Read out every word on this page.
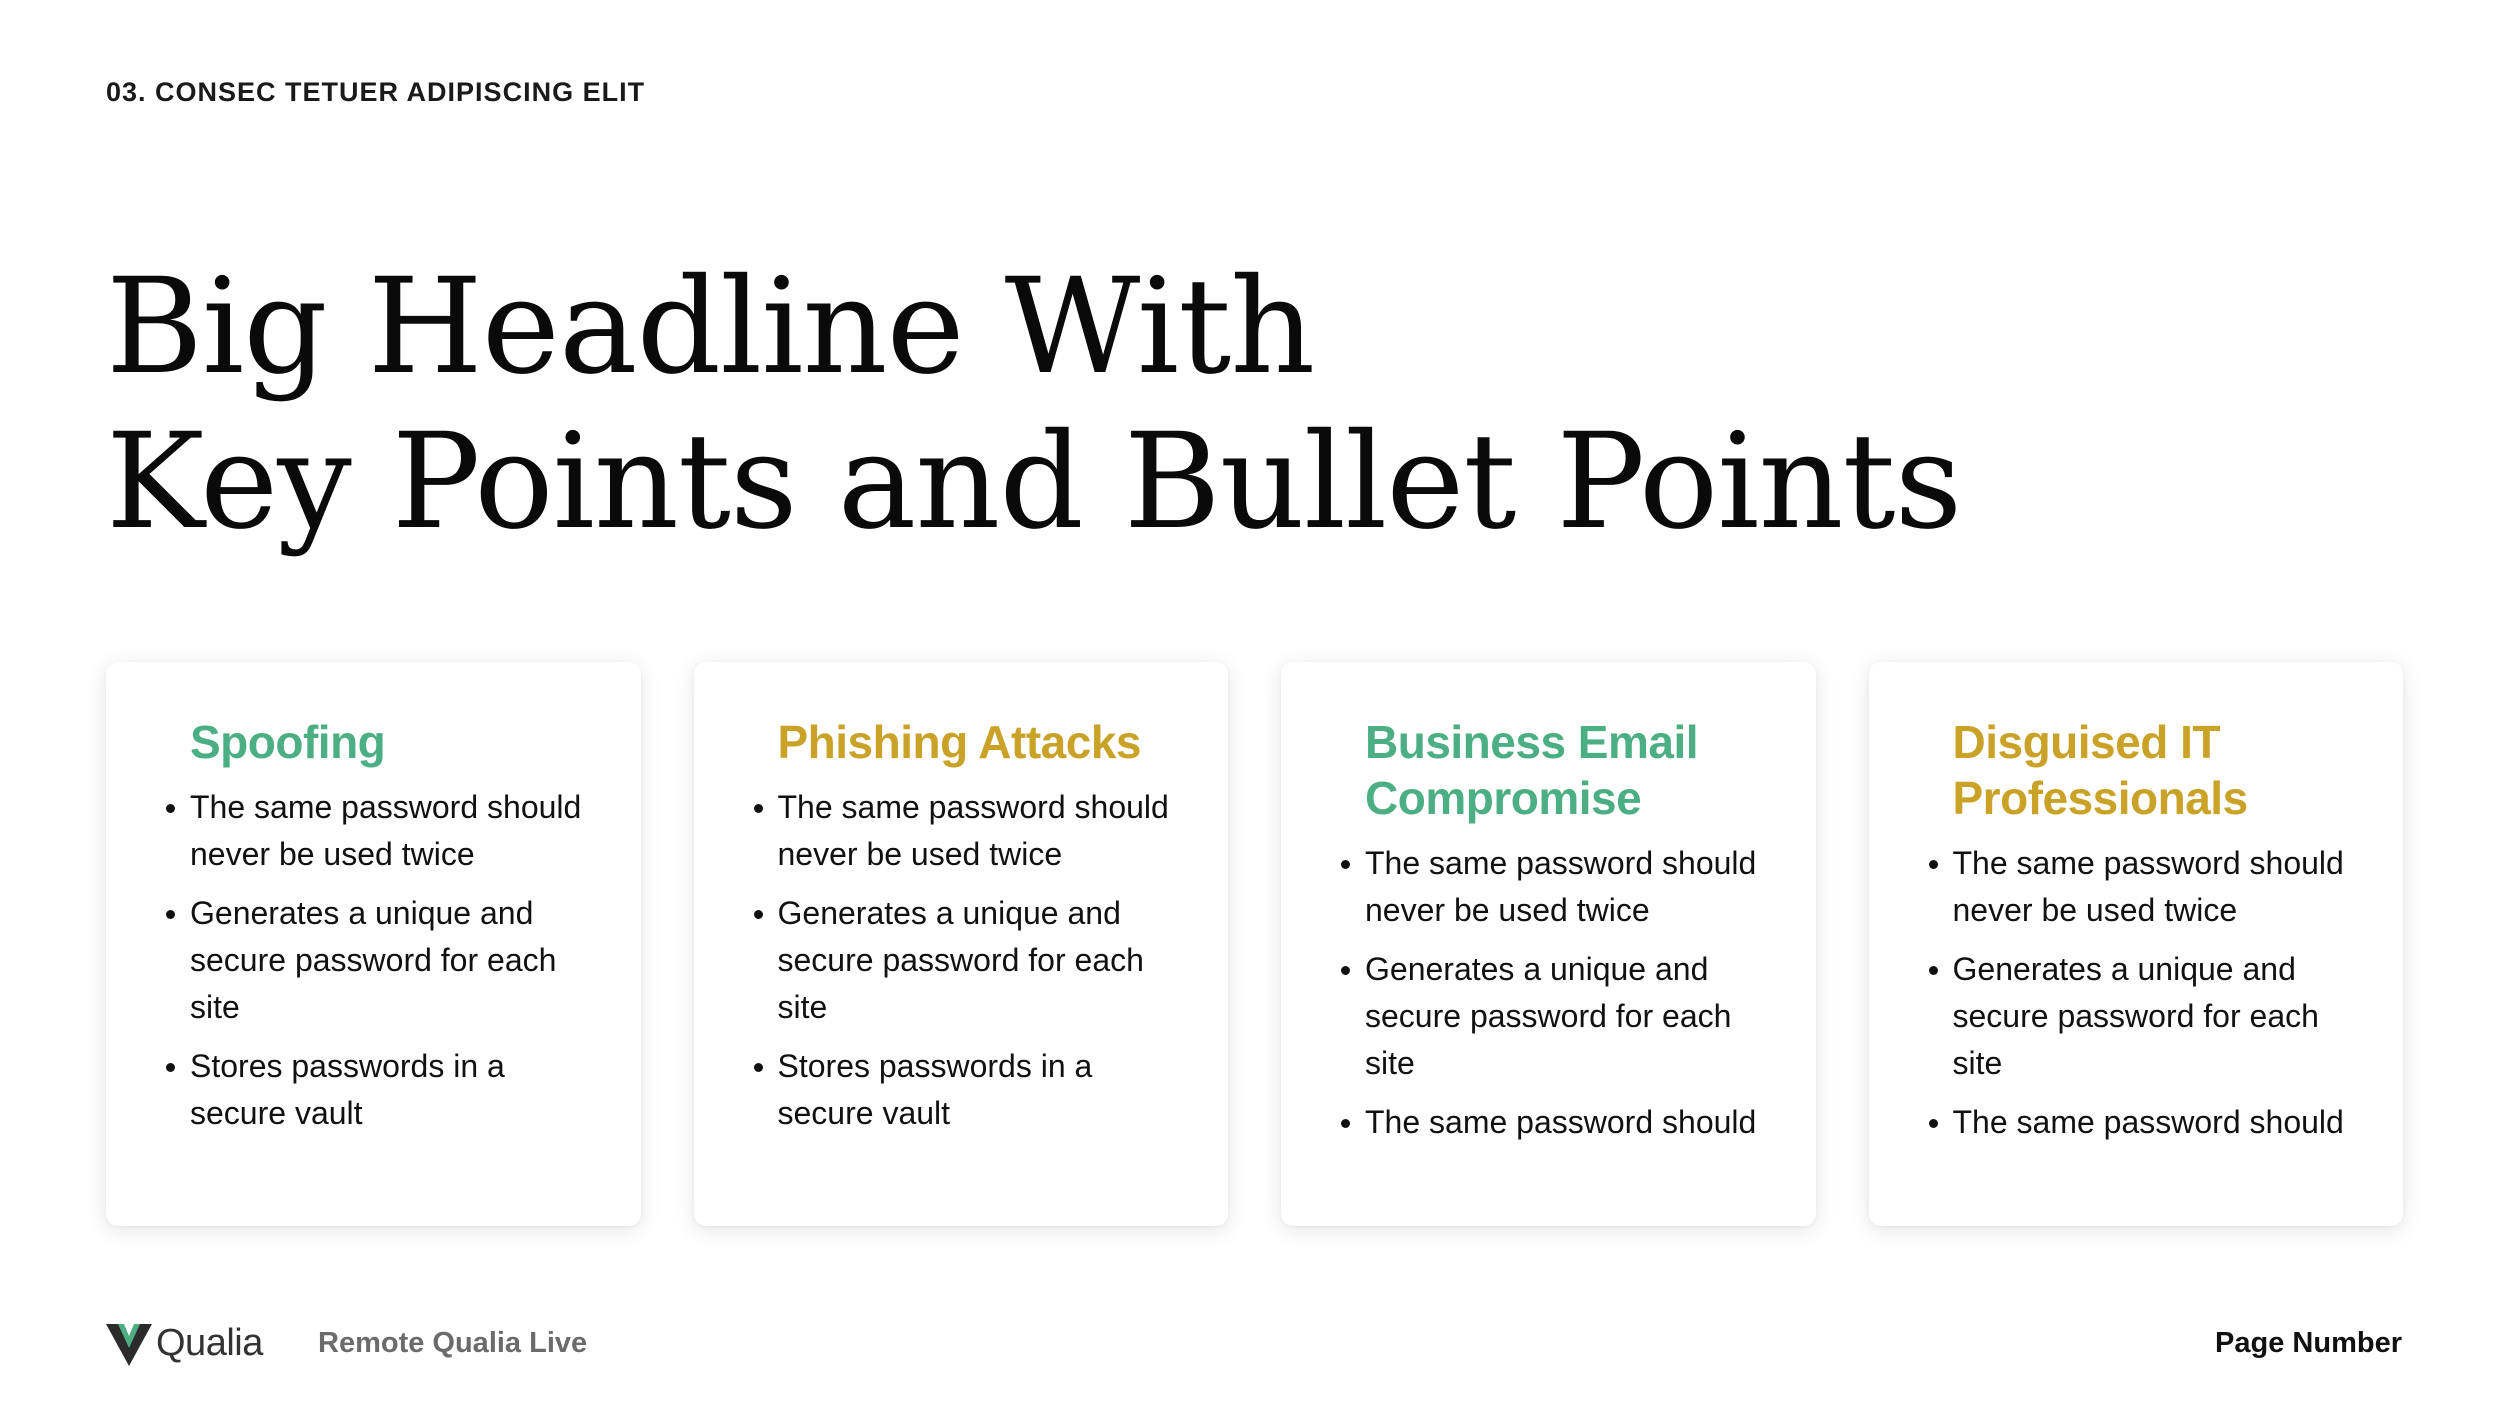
03. CONSEC TETUER ADIPISCING ELIT
Big Headline With
Key Points and Bullet Points
Spoofing
The same password should never be used twice
Generates a unique and secure password for each site
Stores passwords in a secure vault
Phishing Attacks
The same password should never be used twice
Generates a unique and secure password for each site
Stores passwords in a secure vault
Business Email Compromise
The same password should never be used twice
Generates a unique and secure password for each site
The same password should
Disguised IT Professionals
The same password should never be used twice
Generates a unique and secure password for each site
The same password should
Qualia Remote Qualia Live	Page Number
